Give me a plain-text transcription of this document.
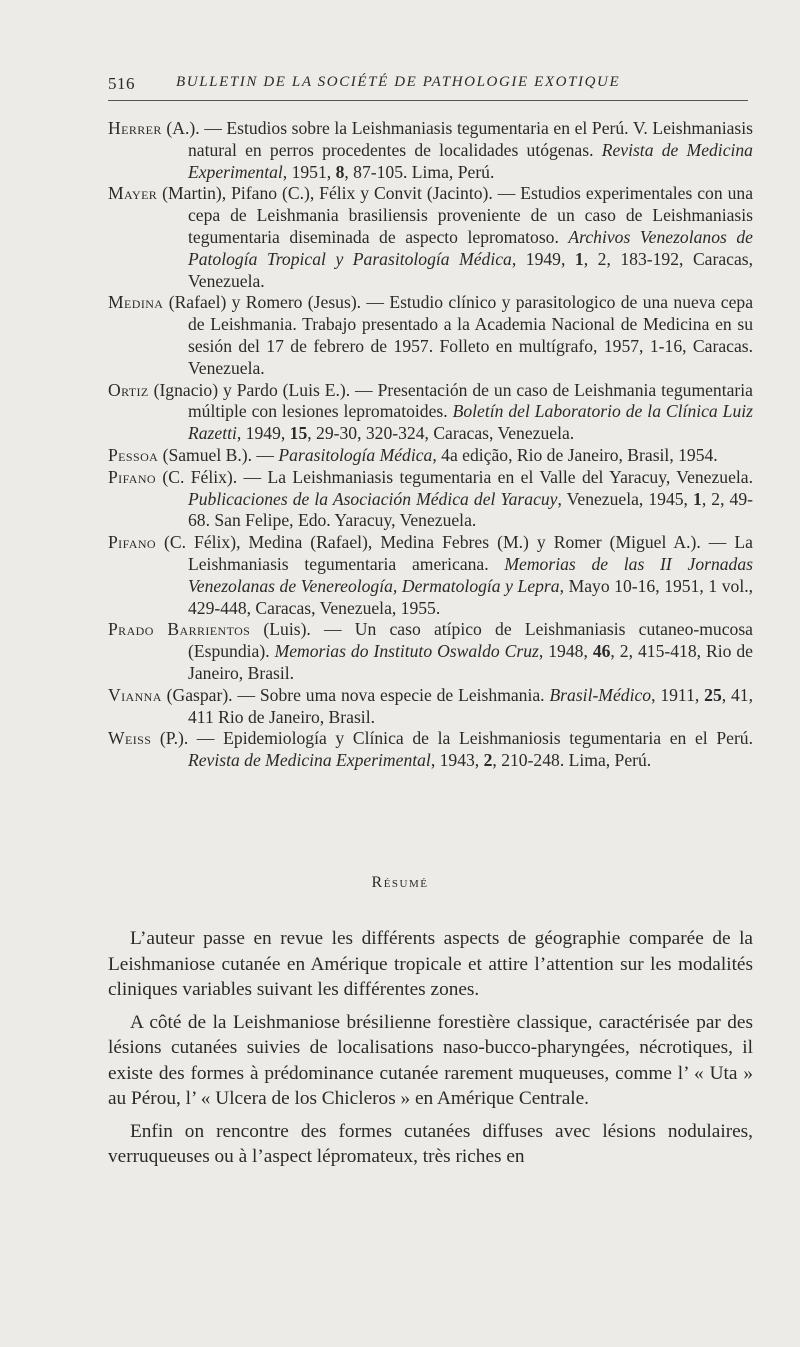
516	BULLETIN DE LA SOCIÉTÉ DE PATHOLOGIE EXOTIQUE

Herrer (A.). — Estudios sobre la Leishmaniasis tegumentaria en el Perú. V. Leishmaniasis natural en perros procedentes de localidades utógenas. Revista de Medicina Experimental, 1951, 8, 87-105. Lima, Perú.

Mayer (Martin), Pifano (C.), Félix y Convit (Jacinto). — Estudios experimentales con una cepa de Leishmania brasiliensis proveniente de un caso de Leishmaniasis tegumentaria diseminada de aspecto lepromatoso. Archivos Venezolanos de Patología Tropical y Parasitología Médica, 1949, 1, 2, 183-192, Caracas, Venezuela.

Medina (Rafael) y Romero (Jesus). — Estudio clínico y parasitologico de una nueva cepa de Leishmania. Trabajo presentado a la Academia Nacional de Medicina en su sesión del 17 de febrero de 1957. Folleto en multígrafo, 1957, 1-16, Caracas. Venezuela.

Ortiz (Ignacio) y Pardo (Luis E.). — Presentación de un caso de Leishmania tegumentaria múltiple con lesiones lepromatoides. Boletín del Laboratorio de la Clínica Luiz Razetti, 1949, 15, 29-30, 320-324, Caracas, Venezuela.

Pessoa (Samuel B.). — Parasitología Médica, 4a edição, Rio de Janeiro, Brasil, 1954.

Pifano (C. Félix). — La Leishmaniasis tegumentaria en el Valle del Yaracuy, Venezuela. Publicaciones de la Asociación Médica del Yaracuy, Venezuela, 1945, 1, 2, 49-68. San Felipe, Edo. Yaracuy, Venezuela.

Pifano (C. Félix), Medina (Rafael), Medina Febres (M.) y Romer (Miguel A.). — La Leishmaniasis tegumentaria americana. Memorias de las II Jornadas Venezolanas de Venereología, Dermatología y Lepra, Mayo 10-16, 1951, 1 vol., 429-448, Caracas, Venezuela, 1955.

Prado Barrientos (Luis). — Un caso atípico de Leishmaniasis cutaneo-mucosa (Espundia). Memorias do Instituto Oswaldo Cruz, 1948, 46, 2, 415-418, Rio de Janeiro, Brasil.

Vianna (Gaspar). — Sobre uma nova especie de Leishmania. Brasil-Médico, 1911, 25, 41, 411 Rio de Janeiro, Brasil.

Weiss (P.). — Epidemiología y Clínica de la Leishmaniosis tegumentaria en el Perú. Revista de Medicina Experimental, 1943, 2, 210-248. Lima, Perú.

Résumé

L’auteur passe en revue les différents aspects de géographie comparée de la Leishmaniose cutanée en Amérique tropicale et attire l’attention sur les modalités cliniques variables suivant les différentes zones.

A côté de la Leishmaniose brésilienne forestière classique, caractérisée par des lésions cutanées suivies de localisations naso-bucco-pharyngées, nécrotiques, il existe des formes à prédominance cutanée rarement muqueuses, comme l’ « Uta » au Pérou, l’ « Ulcera de los Chicleros » en Amérique Centrale.

Enfin on rencontre des formes cutanées diffuses avec lésions nodulaires, verruqueuses ou à l’aspect lépromateux, très riches en
